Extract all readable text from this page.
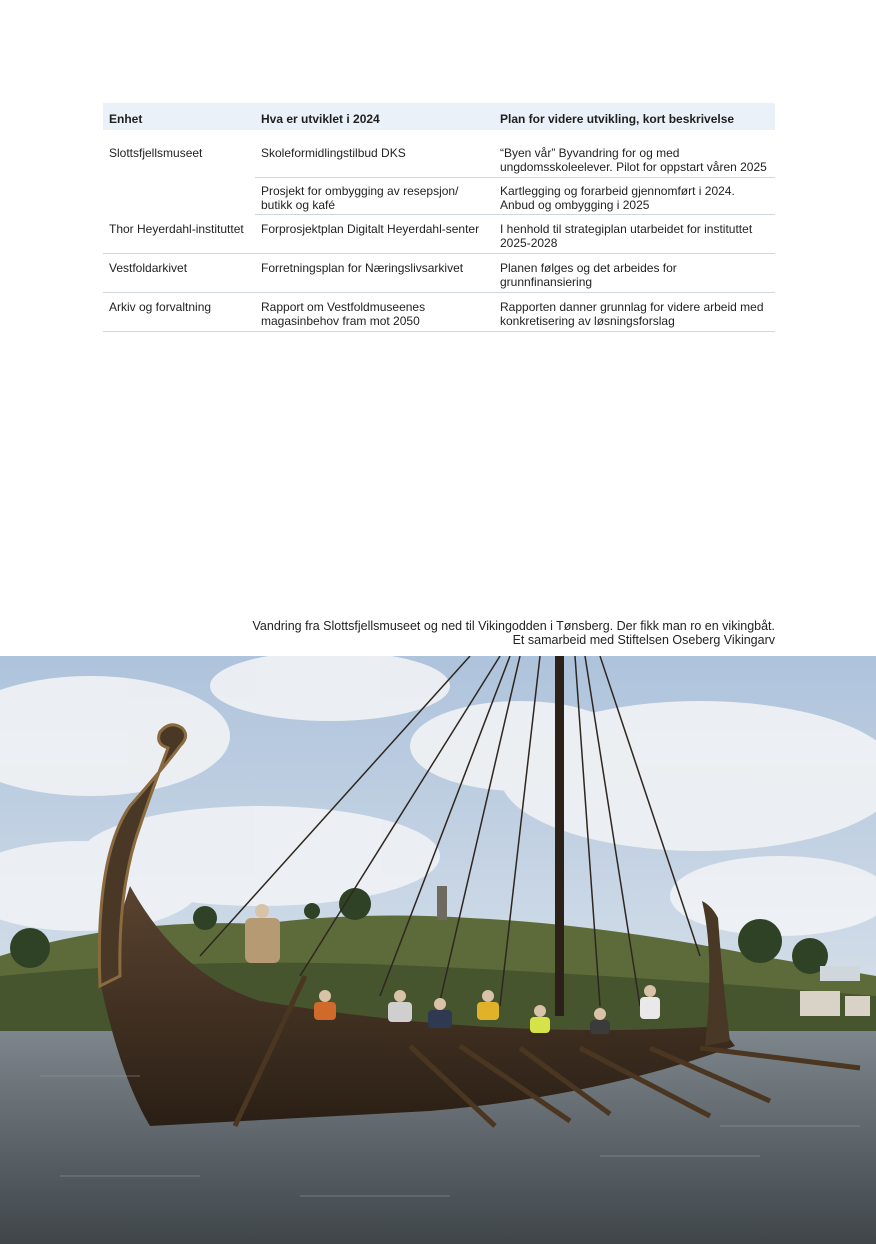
Enhet	Hva er utviklet i 2024	Plan for videre utvikling, kort beskrivelse
Slottsfjellsmuseet	Skoleformidlingstilbud DKS	“Byen vår” Byvandring for og med ungdomsskoleelever. Pilot for oppstart våren 2025
	Prosjekt for ombygging av resepsjon/ butikk og kafé	Kartlegging og forarbeid gjennomført i 2024. Anbud og ombygging i 2025
Thor Heyerdahl-instituttet	Forprosjektplan Digitalt Heyerdahl-senter	I henhold til strategiplan utarbeidet for instituttet 2025-2028
Vestfoldarkivet	Forretningsplan for Næringslivsarkivet	Planen følges og det arbeides for grunnfinansiering
Arkiv og forvaltning	Rapport om Vestfoldmuseenes magasinbehov fram mot 2050	Rapporten danner grunnlag for videre arbeid med konkretisering av løsningsforslag
Vandring fra Slottsfjellsmuseet og ned til Vikingodden i Tønsberg. Der fikk man ro en vikingbåt.
Et samarbeid med Stiftelsen Oseberg Vikingarv
